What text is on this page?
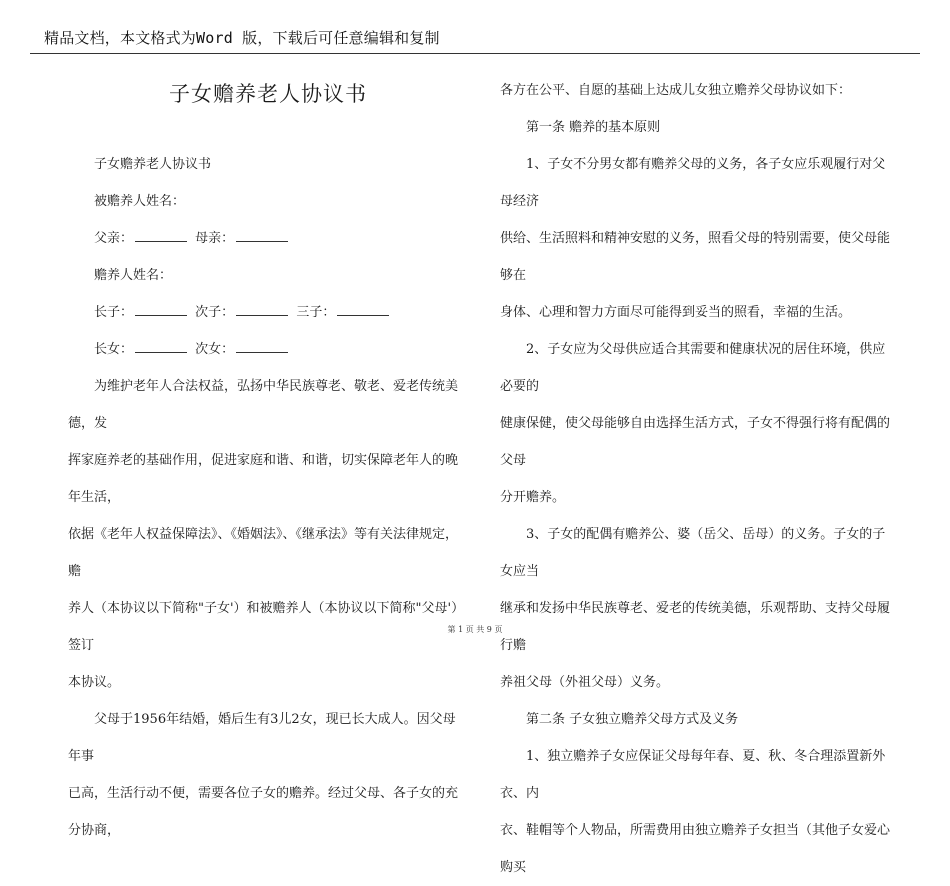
精品文档，本文格式为Word 版，下载后可任意编辑和复制
子女赡养老人协议书

子女赡养老人协议书

被赡养人姓名：

父亲：	母亲：

赡养人姓名：

长子：	次子：	三子：

长女：	次女：

为维护老年人合法权益，弘扬中华民族尊老、敬老、爱老传统美德，发

挥家庭养老的基础作用，促进家庭和谐、和谐，切实保障老年人的晚年生活，

依据《老年人权益保障法》、《婚姻法》、《继承法》等有关法律规定，赡

养人（本协议以下简称"子女'）和被赡养人（本协议以下简称"父母'）签订

本协议。

父母于1956年结婚，婚后生有3儿2女，现已长大成人。因父母年事

已高，生活行动不便，需要各位子女的赡养。经过父母、各子女的充分协商，

各方在公平、自愿的基础上达成儿女独立赡养父母协议如下：

第一条 赡养的基本原则

1、子女不分男女都有赡养父母的义务，各子女应乐观履行对父母经济

供给、生活照料和精神安慰的义务，照看父母的特别需要，使父母能够在

身体、心理和智力方面尽可能得到妥当的照看，幸福的生活。

2、子女应为父母供应适合其需要和健康状况的居住环境，供应必要的

健康保健，使父母能够自由选择生活方式，子女不得强行将有配偶的父母

分开赡养。

3、子女的配偶有赡养公、婆（岳父、岳母）的义务。子女的子女应当

继承和发扬中华民族尊老、爱老的传统美德，乐观帮助、支持父母履行赡

养祖父母（外祖父母）义务。

第二条 子女独立赡养父母方式及义务

1、独立赡养子女应保证父母每年春、夏、秋、冬合理添置新外衣、内

衣、鞋帽等个人物品，所需费用由独立赡养子女担当（其他子女爱心购买

第 1 页 共 9 页
